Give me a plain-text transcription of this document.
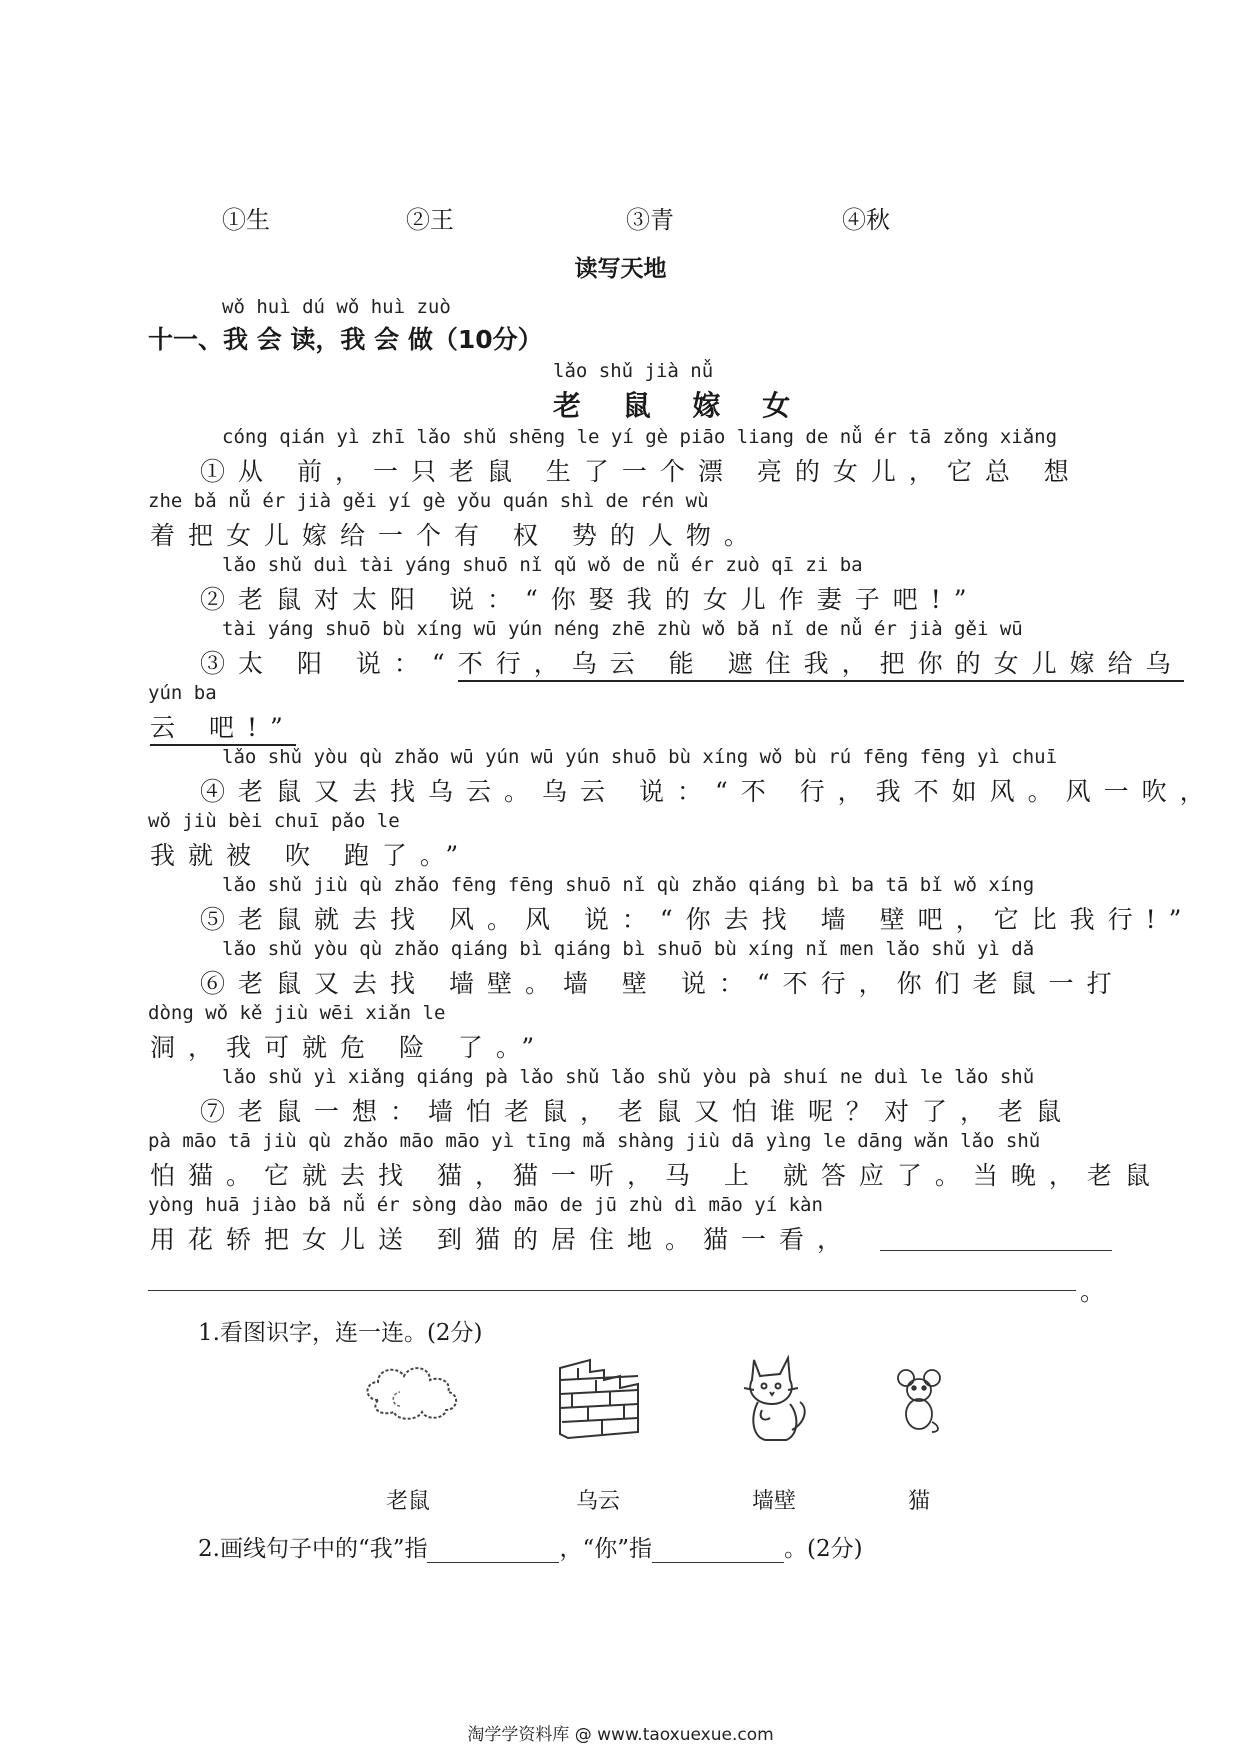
①生	②王	③青	④秋
读写天地
wǒ huì dú wǒ huì zuò
十一、我 会 读，我 会 做（10分）
lǎo shǔ jià nǚ
老 鼠 嫁 女
cóng qián yì zhī lǎo shǔ shēng le yí gè piāo liang de nǚ ér tā zǒng xiǎng
①从 前，一只老鼠 生了一个漂 亮的女儿，它总 想
zhe bǎ nǚ ér jià gěi yí gè yǒu quán shì de rén wù
着把女儿嫁给一个有 权 势的人物。
lǎo shǔ duì tài yáng shuō nǐ qǔ wǒ de nǚ ér zuò qī zi ba
②老鼠对太阳 说：“你娶我的女儿作妻子吧!”
tài yáng shuō bù xíng wū yún néng zhē zhù wǒ bǎ nǐ de nǚ ér jià gěi wū
③太 阳 说：“不行，乌云 能 遮住我，把你的女儿嫁给乌
yún ba
云 吧!”
lǎo shǔ yòu qù zhǎo wū yún wū yún shuō bù xíng wǒ bù rú fēng fēng yì chuī
④老鼠又去找乌云。乌云 说：“不 行，我不如风。风一吹，
wǒ jiù bèi chuī pǎo le
我就被 吹 跑了。”
lǎo shǔ jiù qù zhǎo fēng fēng shuō nǐ qù zhǎo qiáng bì ba tā bǐ wǒ xíng
⑤老鼠就去找 风。风 说：“你去找 墙 壁吧，它比我行!”
lǎo shǔ yòu qù zhǎo qiáng bì qiáng bì shuō bù xíng nǐ men lǎo shǔ yì dǎ
⑥老鼠又去找 墙壁。墙 壁 说：“不行，你们老鼠一打
dòng wǒ kě jiù wēi xiǎn le
洞，我可就危 险 了。”
lǎo shǔ yì xiǎng qiáng pà lǎo shǔ lǎo shǔ yòu pà shuí ne duì le lǎo shǔ
⑦老鼠一想：墙怕老鼠，老鼠又怕谁呢？对了，老鼠
pà māo tā jiù qù zhǎo māo māo yì tīng mǎ shàng jiù dā yìng le dāng wǎn lǎo shǔ
怕猫。它就去找 猫，猫一听，马 上 就答应了。当晚，老鼠
yòng huā jiào bǎ nǚ ér sòng dào māo de jū zhù dì māo yí kàn
用花轿把女儿送 到猫的居住地。猫一看，
。
1.看图识字，连一连。(2分)
老鼠	乌云	墙壁	猫
2.画线句子中的“我”指	，“你”指	。(2分)
淘学学资料库 @ www.taoxuexue.com
